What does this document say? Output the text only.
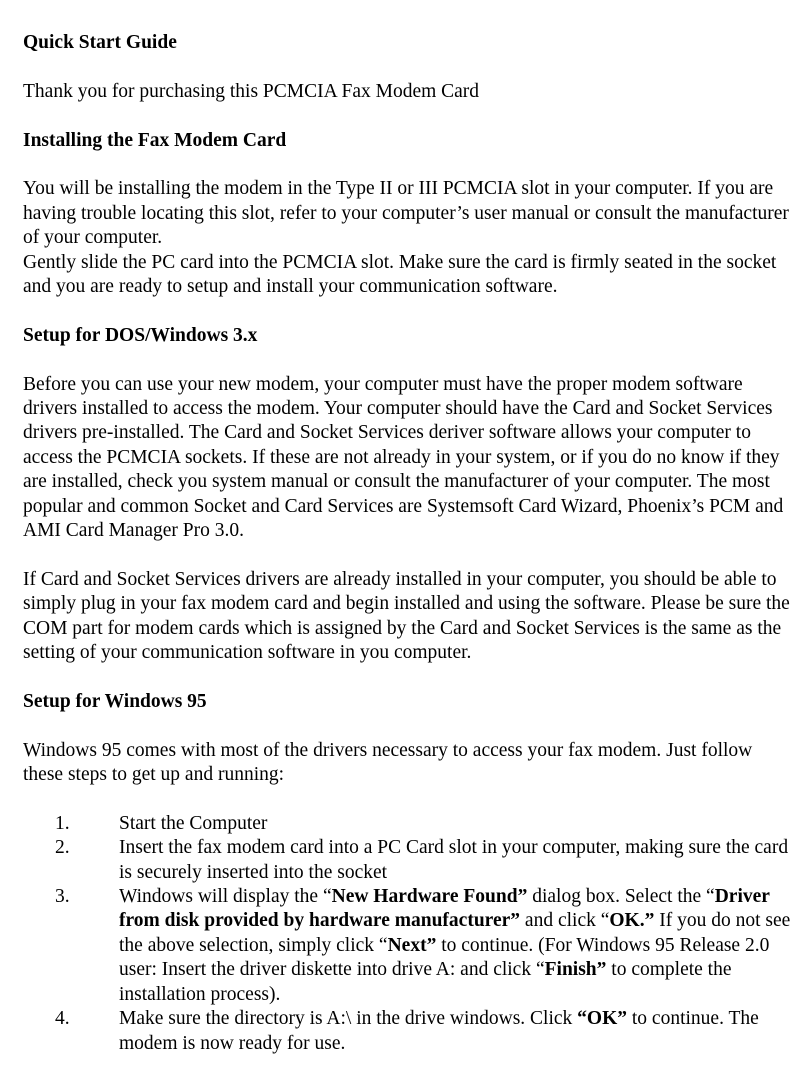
Quick Start Guide

Thank you for purchasing this PCMCIA Fax Modem Card

Installing the Fax Modem Card

You will be installing the modem in the Type II or III PCMCIA slot in your computer. If you are having trouble locating this slot, refer to your computer’s user manual or consult the manufacturer of your computer.

Gently slide the PC card into the PCMCIA slot. Make sure the card is firmly seated in the socket and you are ready to setup and install your communication software.

Setup for DOS/Windows 3.x

Before you can use your new modem, your computer must have the proper modem software drivers installed to access the modem. Your computer should have the Card and Socket Services drivers pre-installed. The Card and Socket Services deriver software allows your computer to access the PCMCIA sockets. If these are not already in your system, or if you do no know if they are installed, check you system manual or consult the manufacturer of your computer. The most popular and common Socket and Card Services are Systemsoft Card Wizard, Phoenix’s PCM and AMI Card Manager Pro 3.0.

If Card and Socket Services drivers are already installed in your computer, you should be able to simply plug in your fax modem card and begin installed and using the software. Please be sure the COM part for modem cards which is assigned by the Card and Socket Services is the same as the setting of your communication software in you computer.

Setup for Windows 95

Windows 95 comes with most of the drivers necessary to access your fax modem. Just follow these steps to get up and running:

1.	Start the Computer
2.	Insert the fax modem card into a PC Card slot in your computer, making sure the card is securely inserted into the socket
3.	Windows will display the “New Hardware Found” dialog box. Select the “Driver from disk provided by hardware manufacturer” and click “OK.” If you do not see the above selection, simply click “Next” to continue. (For Windows 95 Release 2.0 user: Insert the driver diskette into drive A: and click “Finish” to complete the installation process).
4.	Make sure the directory is A:\ in the drive windows. Click “OK” to continue. The modem is now ready for use.
